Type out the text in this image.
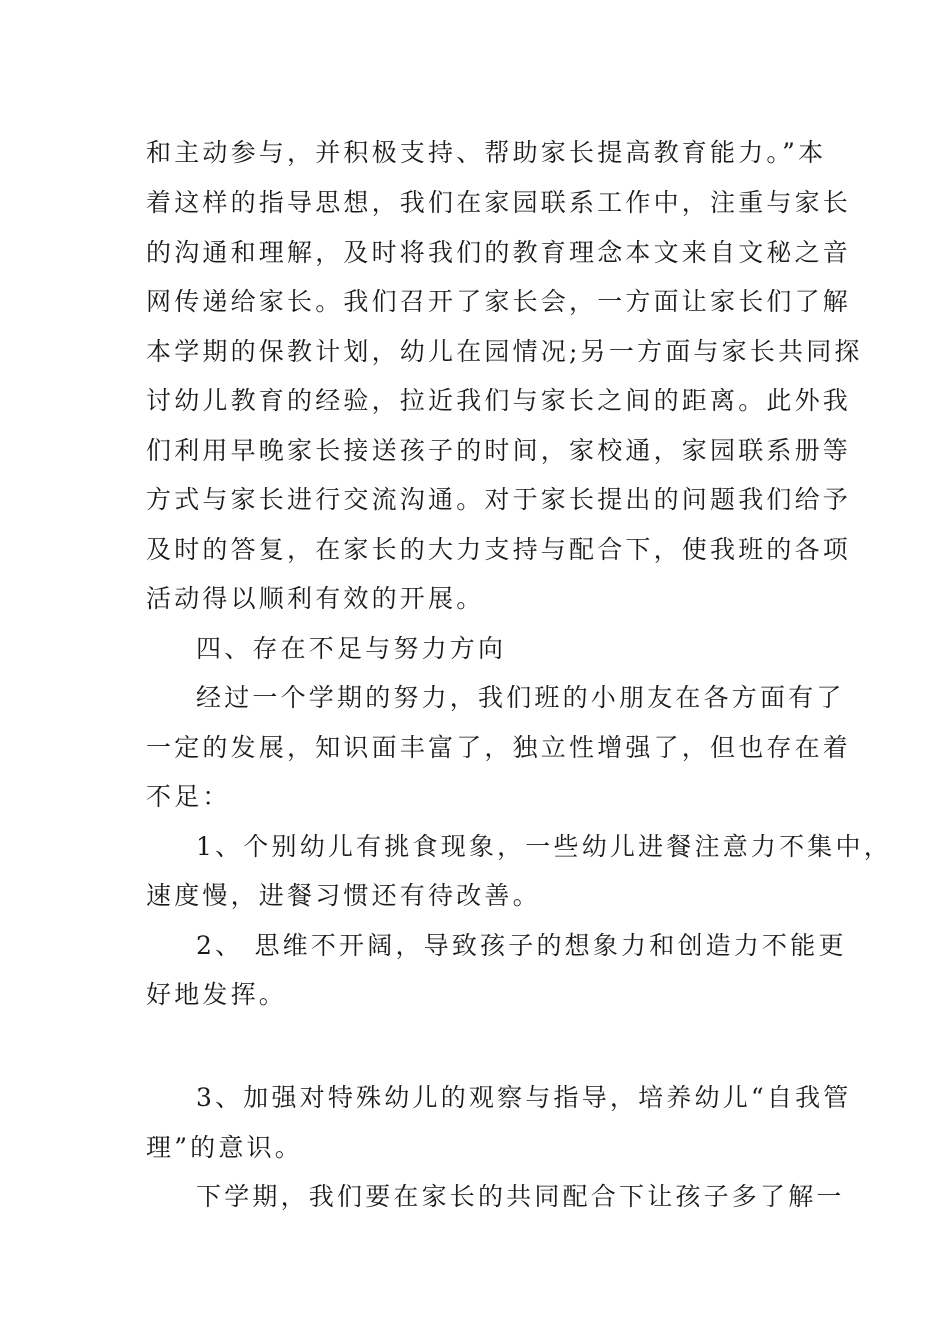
和主动参与，并积极支持、帮助家长提高教育能力。”本
着这样的指导思想，我们在家园联系工作中，注重与家长
的沟通和理解，及时将我们的教育理念本文来自文秘之音
网传递给家长。我们召开了家长会，一方面让家长们了解
本学期的保教计划，幼儿在园情况;另一方面与家长共同探
讨幼儿教育的经验，拉近我们与家长之间的距离。此外我
们利用早晚家长接送孩子的时间，家校通，家园联系册等
方式与家长进行交流沟通。对于家长提出的问题我们给予
及时的答复，在家长的大力支持与配合下，使我班的各项
活动得以顺利有效的开展。
四、存在不足与努力方向
经过一个学期的努力，我们班的小朋友在各方面有了
一定的发展，知识面丰富了，独立性增强了，但也存在着
不足：
1、个别幼儿有挑食现象，一些幼儿进餐注意力不集中，
速度慢，进餐习惯还有待改善。
2、 思维不开阔，导致孩子的想象力和创造力不能更
好地发挥。
3、加强对特殊幼儿的观察与指导，培养幼儿“自我管
理”的意识。
下学期，我们要在家长的共同配合下让孩子多了解一
